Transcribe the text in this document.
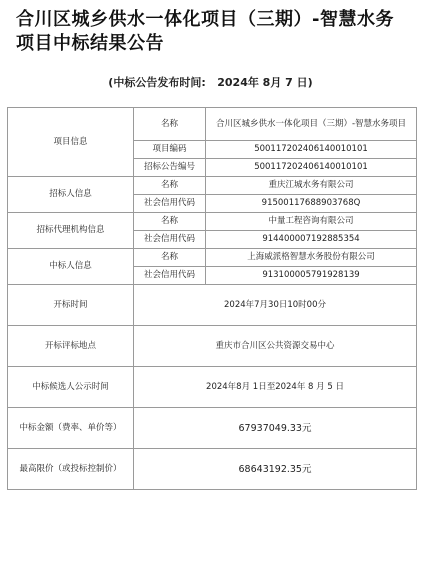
合川区城乡供水一体化项目（三期）-智慧水务项目中标结果公告
(中标公告发布时间: 2024年 8月 7 日)
项目信息	名称	合川区城乡供水一体化项目（三期）-智慧水务项目
	项目编码	500117202406140010101
	招标公告编号	500117202406140010101
招标人信息	名称	重庆江城水务有限公司
	社会信用代码	91500117688903768Q
招标代理机构信息	名称	中量工程咨询有限公司
	社会信用代码	914400007192885354
中标人信息	名称	上海威派格智慧水务股份有限公司
	社会信用代码	913100005791928139
开标时间	2024年7月30日10时00分	
开标评标地点	重庆市合川区公共资源交易中心	
中标候选人公示时间	2024年8月 1日至2024年 8 月 5 日	
中标金额（费率、单价等）	67937049.33元	
最高限价（或投标控制价）	68643192.35元	
